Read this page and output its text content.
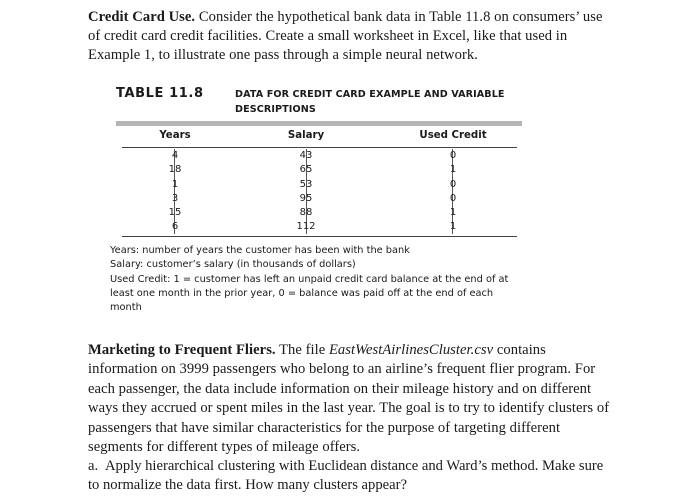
Credit Card Use. Consider the hypothetical bank data in Table 11.8 on consumers’ use of credit card credit facilities. Create a small worksheet in Excel, like that used in Example 1, to illustrate one pass through a simple neural network.
TABLE 11.8	DATA FOR CREDIT CARD EXAMPLE AND VARIABLE DESCRIPTIONS
Years	Salary	Used Credit
4	43	0
18	65	1
1	53	0
3	95	0
15	88	1
6	112	1
Years: number of years the customer has been with the bank
Salary: customer’s salary (in thousands of dollars)
Used Credit: 1 = customer has left an unpaid credit card balance at the end of at least one month in the prior year, 0 = balance was paid off at the end of each month
Marketing to Frequent Fliers. The file EastWestAirlinesCluster.csv contains information on 3999 passengers who belong to an airline’s frequent flier program. For each passenger, the data include information on their mileage history and on different ways they accrued or spent miles in the last year. The goal is to try to identify clusters of passengers that have similar characteristics for the purpose of targeting different segments for different types of mileage offers.
a. Apply hierarchical clustering with Euclidean distance and Ward’s method. Make sure to normalize the data first. How many clusters appear?
